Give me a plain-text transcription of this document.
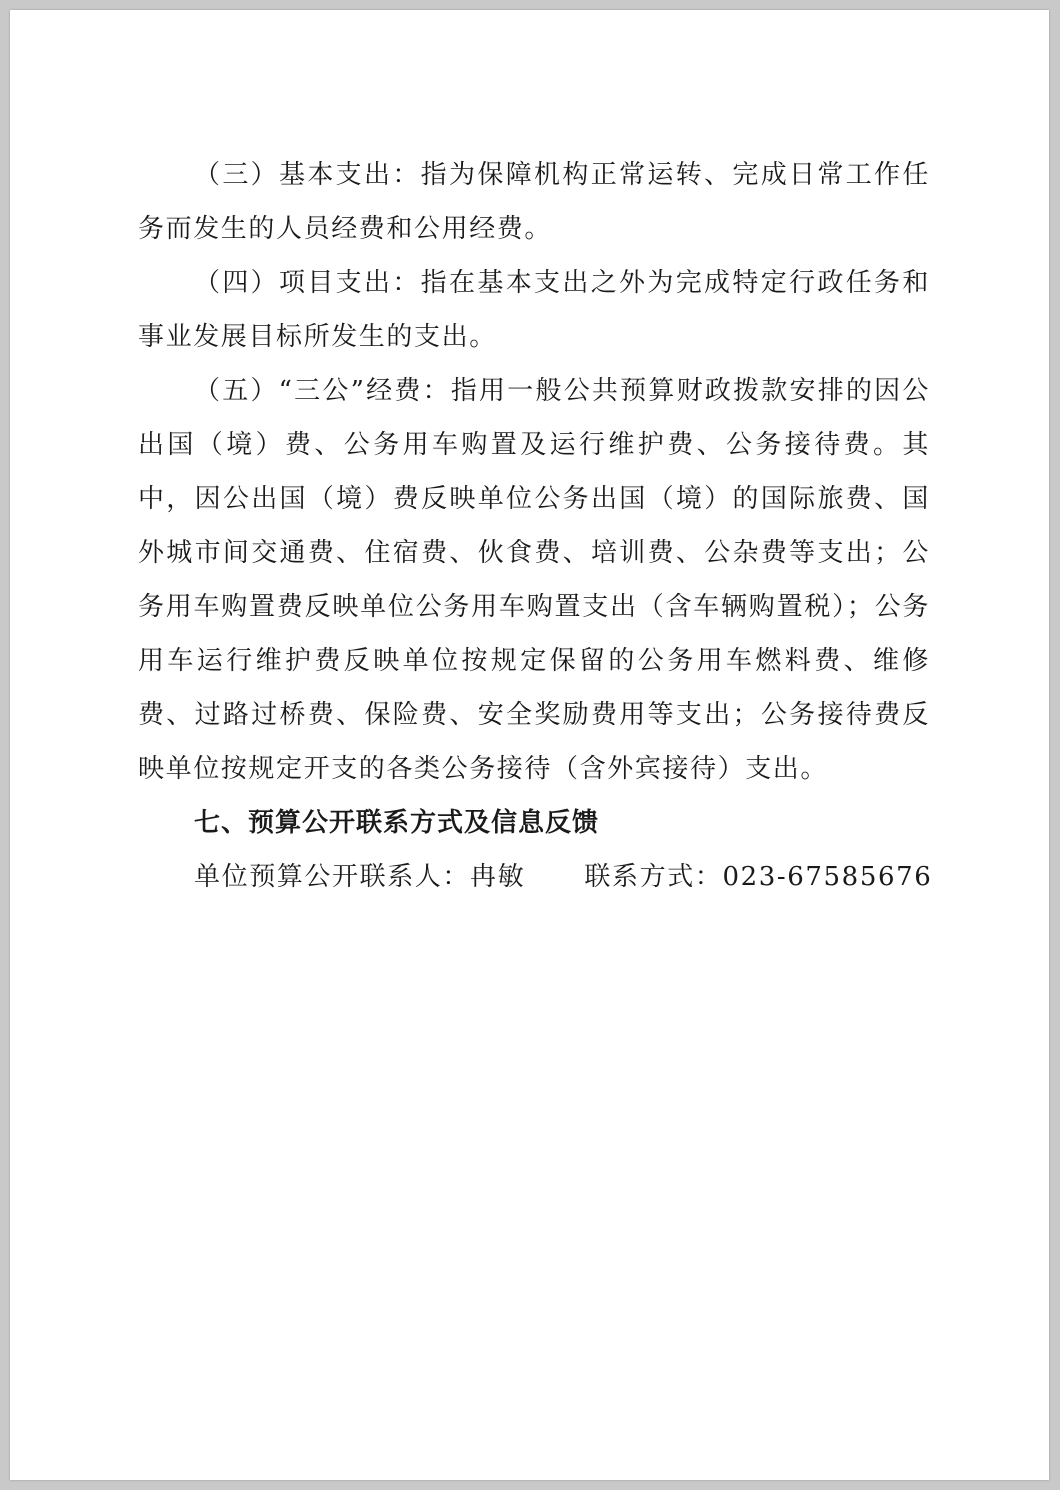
（三）基本支出：指为保障机构正常运转、完成日常工作任务而发生的人员经费和公用经费。

（四）项目支出：指在基本支出之外为完成特定行政任务和事业发展目标所发生的支出。

（五）“三公”经费：指用一般公共预算财政拨款安排的因公出国（境）费、公务用车购置及运行维护费、公务接待费。其中，因公出国（境）费反映单位公务出国（境）的国际旅费、国外城市间交通费、住宿费、伙食费、培训费、公杂费等支出；公务用车购置费反映单位公务用车购置支出（含车辆购置税）；公务用车运行维护费反映单位按规定保留的公务用车燃料费、维修费、过路过桥费、保险费、安全奖励费用等支出；公务接待费反映单位按规定开支的各类公务接待（含外宾接待）支出。

七、预算公开联系方式及信息反馈

单位预算公开联系人：冉敏 联系方式：023-67585676
